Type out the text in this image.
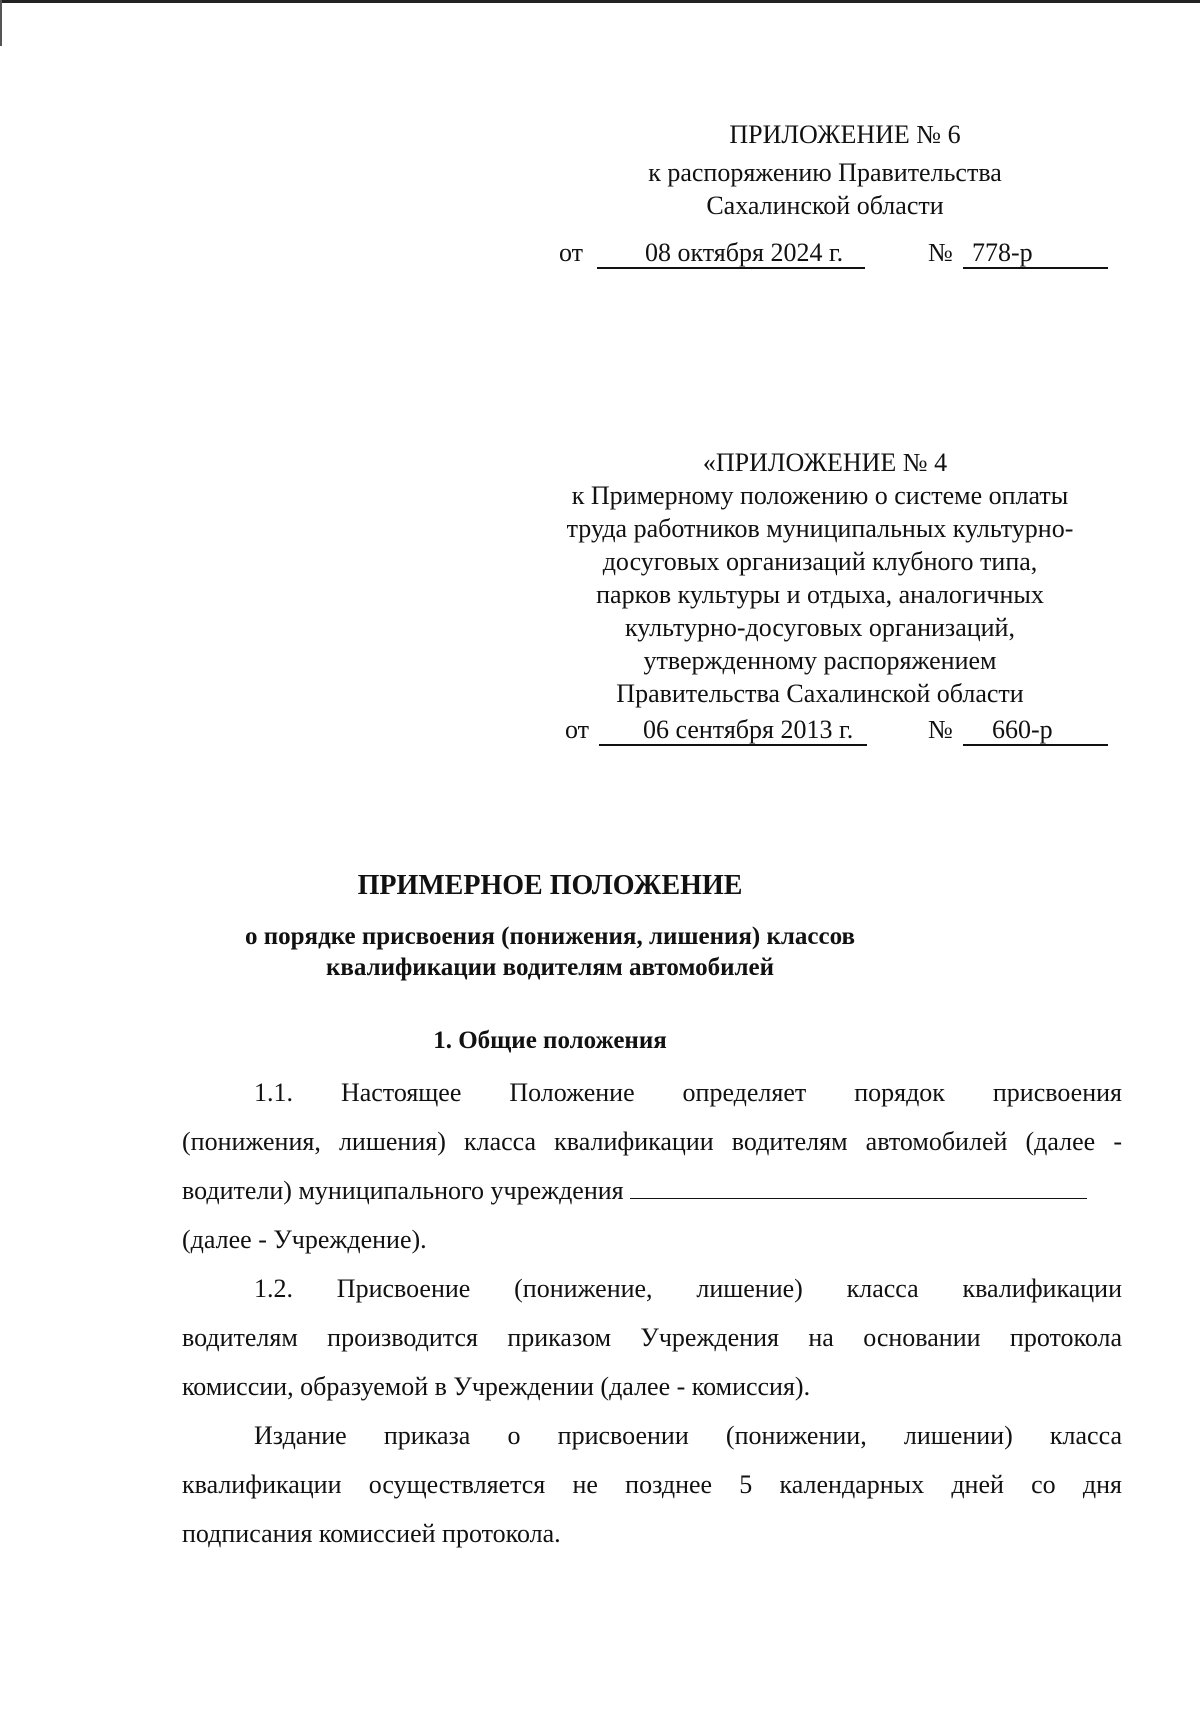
ПРИЛОЖЕНИЕ № 6
к распоряжению Правительства
Сахалинской области
от 08 октября 2024 г.	№ 778-р
«ПРИЛОЖЕНИЕ № 4
к Примерному положению о системе оплаты
труда работников муниципальных культурно-
досуговых организаций клубного типа,
парков культуры и отдыха, аналогичных
культурно-досуговых организаций,
утвержденному распоряжением
Правительства Сахалинской области
от 06 сентября 2013 г.	№ 660-р
ПРИМЕРНОЕ ПОЛОЖЕНИЕ
о порядке присвоения (понижения, лишения) классов
квалификации водителям автомобилей
1. Общие положения
1.1. Настоящее Положение определяет порядок присвоения
(понижения, лишения) класса квалификации водителям автомобилей (далее -
водители) муниципального учреждения
(далее - Учреждение).
1.2. Присвоение (понижение, лишение) класса квалификации
водителям производится приказом Учреждения на основании протокола
комиссии, образуемой в Учреждении (далее - комиссия).
Издание приказа о присвоении (понижении, лишении) класса
квалификации осуществляется не позднее 5 календарных дней со дня
подписания комиссией протокола.
